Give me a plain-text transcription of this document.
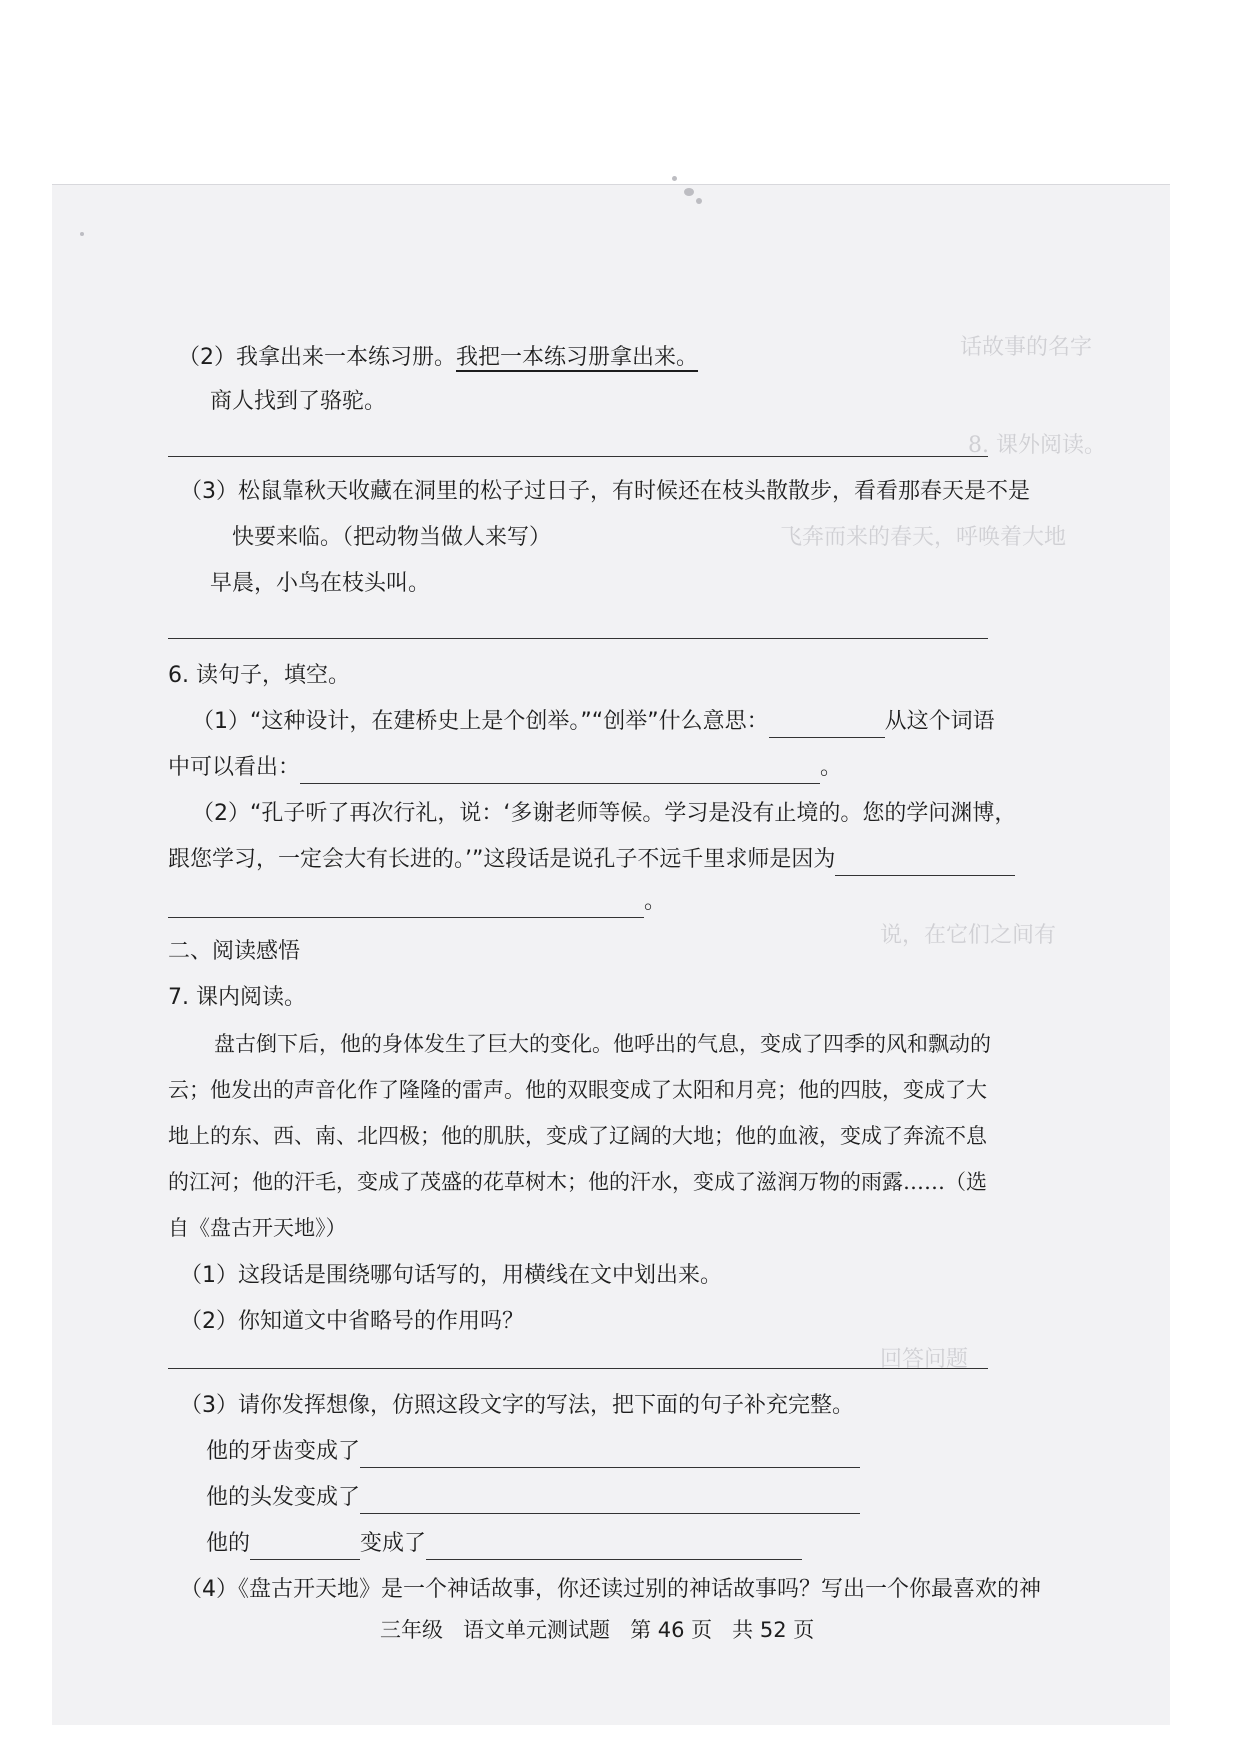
话故事的名字
8. 课外阅读。
飞奔而来的春天，呼唤着大地
说，在它们之间有
回答问题
（2）我拿出来一本练习册。我把一本练习册拿出来。
商人找到了骆驼。
（3）松鼠靠秋天收藏在洞里的松子过日子，有时候还在枝头散散步，看看那春天是不是
快要来临。（把动物当做人来写）
早晨，小鸟在枝头叫。
6. 读句子，填空。
（1）“这种设计，在建桥史上是个创举。”“创举”什么意思：	从这个词语
中可以看出：	。
（2）“孔子听了再次行礼，说：‘多谢老师等候。学习是没有止境的。您的学问渊博，
跟您学习，一定会大有长进的。’”这段话是说孔子不远千里求师是因为
。
二、阅读感悟
7. 课内阅读。
盘古倒下后，他的身体发生了巨大的变化。他呼出的气息，变成了四季的风和飘动的
云；他发出的声音化作了隆隆的雷声。他的双眼变成了太阳和月亮；他的四肢，变成了大
地上的东、西、南、北四极；他的肌肤，变成了辽阔的大地；他的血液，变成了奔流不息
的江河；他的汗毛，变成了茂盛的花草树木；他的汗水，变成了滋润万物的雨露……（选
自《盘古开天地》）
（1）这段话是围绕哪句话写的，用横线在文中划出来。
（2）你知道文中省略号的作用吗？
（3）请你发挥想像，仿照这段文字的写法，把下面的句子补充完整。
他的牙齿变成了
他的头发变成了
他的	变成了
（4）《盘古开天地》是一个神话故事，你还读过别的神话故事吗？写出一个你最喜欢的神
三年级 语文单元测试题 第 46 页 共 52 页
